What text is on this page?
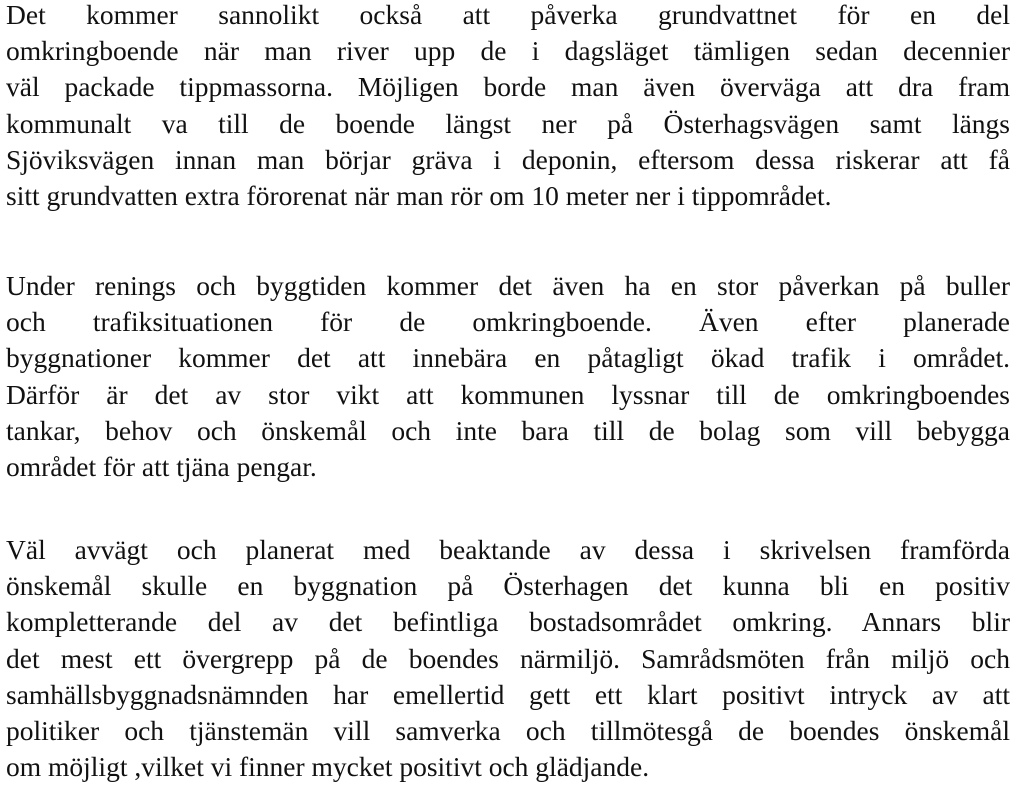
Det kommer sannolikt också att påverka grundvattnet för en del
omkringboende när man river upp de i dagsläget tämligen sedan decennier
väl packade tippmassorna. Möjligen borde man även överväga att dra fram
kommunalt va till de boende längst ner på Österhagsvägen samt längs
Sjöviksvägen innan man börjar gräva i deponin, eftersom dessa riskerar att få
sitt grundvatten extra förorenat när man rör om 10 meter ner i tippområdet.
Under renings och byggtiden kommer det även ha en stor påverkan på buller
och trafiksituationen för de omkringboende. Även efter planerade
byggnationer kommer det att innebära en påtagligt ökad trafik i området.
Därför är det av stor vikt att kommunen lyssnar till de omkringboendes
tankar, behov och önskemål och inte bara till de bolag som vill bebygga
området för att tjäna pengar.
Väl avvägt och planerat med beaktande av dessa i skrivelsen framförda
önskemål skulle en byggnation på Österhagen det kunna bli en positiv
kompletterande del av det befintliga bostadsområdet omkring. Annars blir
det mest ett övergrepp på de boendes närmiljö. Samrådsmöten från miljö och
samhällsbyggnadsnämnden har emellertid gett ett klart positivt intryck av att
politiker och tjänstemän vill samverka och tillmötesgå de boendes önskemål
om möjligt ,vilket vi finner mycket positivt och glädjande.
